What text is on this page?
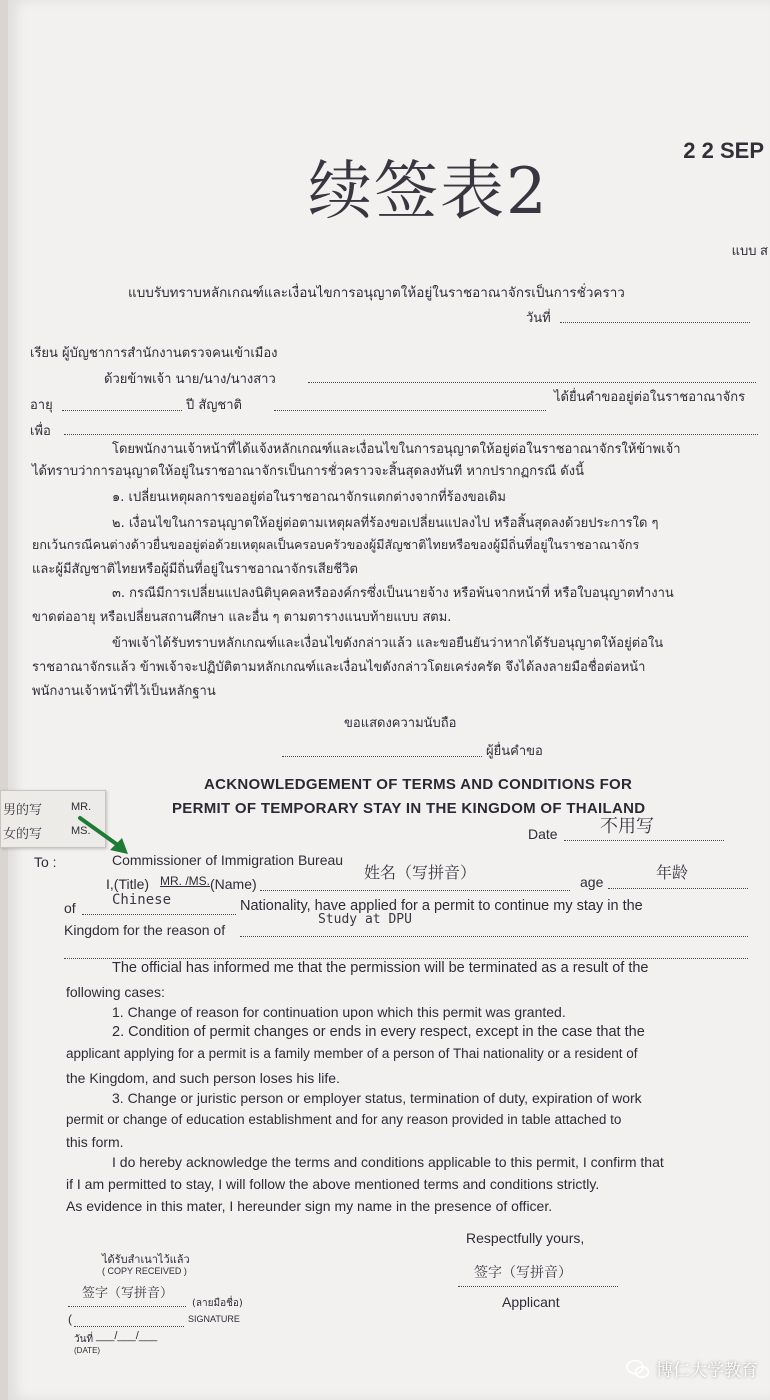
续签表2
2 2 SEP
แบบ ส
แบบรับทราบหลักเกณฑ์และเงื่อนไขการอนุญาตให้อยู่ในราชอาณาจักรเป็นการชั่วคราว
วันที่
เรียน ผู้บัญชาการสำนักงานตรวจคนเข้าเมือง
ด้วยข้าพเจ้า นาย/นาง/นางสาว
อายุ	ปี สัญชาติ
ได้ยื่นคำขออยู่ต่อในราชอาณาจักร
เพื่อ
โดยพนักงานเจ้าหน้าที่ได้แจ้งหลักเกณฑ์และเงื่อนไขในการอนุญาตให้อยู่ต่อในราชอาณาจักรให้ข้าพเจ้า
ได้ทราบว่าการอนุญาตให้อยู่ในราชอาณาจักรเป็นการชั่วคราวจะสิ้นสุดลงทันที หากปรากฏกรณี ดังนี้
๑. เปลี่ยนเหตุผลการขออยู่ต่อในราชอาณาจักรแตกต่างจากที่ร้องขอเดิม
๒. เงื่อนไขในการอนุญาตให้อยู่ต่อตามเหตุผลที่ร้องขอเปลี่ยนแปลงไป หรือสิ้นสุดลงด้วยประการใด ๆ
ยกเว้นกรณีคนต่างด้าวยื่นขออยู่ต่อด้วยเหตุผลเป็นครอบครัวของผู้มีสัญชาติไทยหรือของผู้มีถิ่นที่อยู่ในราชอาณาจักร
และผู้มีสัญชาติไทยหรือผู้มีถิ่นที่อยู่ในราชอาณาจักรเสียชีวิต
๓. กรณีมีการเปลี่ยนแปลงนิติบุคคลหรือองค์กรซึ่งเป็นนายจ้าง หรือพ้นจากหน้าที่ หรือใบอนุญาตทำงาน
ขาดต่ออายุ หรือเปลี่ยนสถานศึกษา และอื่น ๆ ตามตารางแนบท้ายแบบ สตม.
ข้าพเจ้าได้รับทราบหลักเกณฑ์และเงื่อนไขดังกล่าวแล้ว และขอยืนยันว่าหากได้รับอนุญาตให้อยู่ต่อใน
ราชอาณาจักรแล้ว ข้าพเจ้าจะปฏิบัติตามหลักเกณฑ์และเงื่อนไขดังกล่าวโดยเคร่งครัด จึงได้ลงลายมือชื่อต่อหน้า
พนักงานเจ้าหน้าที่ไว้เป็นหลักฐาน
ขอแสดงความนับถือ
ผู้ยื่นคำขอ
ACKNOWLEDGEMENT OF TERMS AND CONDITIONS FOR
PERMIT OF TEMPORARY STAY IN THE KINGDOM OF THAILAND
Date 不用写
To :	Commissioner of Immigration Bureau
I,(Title) MR. /MS. (Name)
姓名（写拼音）	age	年龄
of	Chinese	Nationality, have applied for a permit to continue my stay in the
Kingdom for the reason of
Study at DPU
The official has informed me that the permission will be terminated as a result of the
following cases:
1. Change of reason for continuation upon which this permit was granted.
2. Condition of permit changes or ends in every respect, except in the case that the
applicant applying for a permit is a family member of a person of Thai nationality or a resident of
the Kingdom, and such person loses his life.
3. Change or juristic person or employer status, termination of duty, expiration of work
permit or change of education establishment and for any reason provided in table attached to
this form.
I do hereby acknowledge the terms and conditions applicable to this permit, I confirm that
if I am permitted to stay, I will follow the above mentioned terms and conditions strictly.
As evidence in this mater, I hereunder sign my name in the presence of officer.
Respectfully yours,
签字（写拼音）
Applicant
ได้รับสำเนาไว้แล้ว
( COPY RECEIVED )
签字（写拼音）
(ลายมือชื่อ)
(	SIGNATURE
วันที่ ___/___/___
(DATE)
男的写	MR.
女的写	MS.
博仁大学教育
